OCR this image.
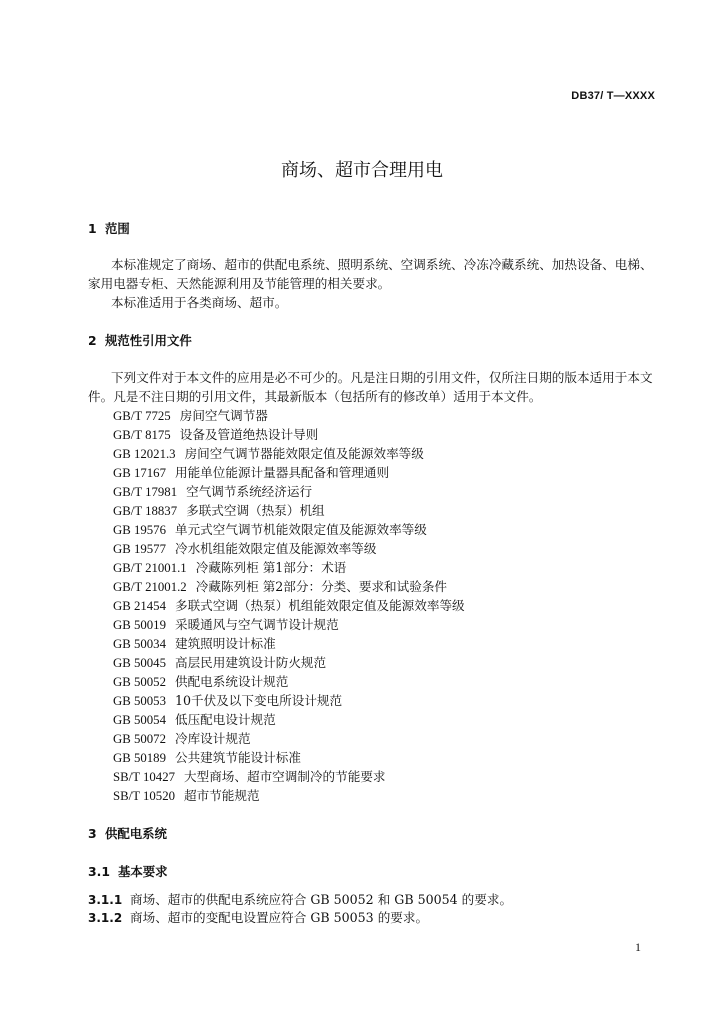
DB37/ T—XXXX
商场、超市合理用电
1 范围
本标准规定了商场、超市的供配电系统、照明系统、空调系统、冷冻冷藏系统、加热设备、电梯、
家用电器专柜、天然能源利用及节能管理的相关要求。
本标准适用于各类商场、超市。
2 规范性引用文件
下列文件对于本文件的应用是必不可少的。凡是注日期的引用文件，仅所注日期的版本适用于本文
件。凡是不注日期的引用文件，其最新版本（包括所有的修改单）适用于本文件。
GB/T 7725 房间空气调节器
GB/T 8175 设备及管道绝热设计导则
GB 12021.3 房间空气调节器能效限定值及能源效率等级
GB 17167 用能单位能源计量器具配备和管理通则
GB/T 17981 空气调节系统经济运行
GB/T 18837 多联式空调（热泵）机组
GB 19576 单元式空气调节机能效限定值及能源效率等级
GB 19577 冷水机组能效限定值及能源效率等级
GB/T 21001.1 冷藏陈列柜 第1部分：术语
GB/T 21001.2 冷藏陈列柜 第2部分：分类、要求和试验条件
GB 21454 多联式空调（热泵）机组能效限定值及能源效率等级
GB 50019 采暖通风与空气调节设计规范
GB 50034 建筑照明设计标准
GB 50045 高层民用建筑设计防火规范
GB 50052 供配电系统设计规范
GB 50053 10千伏及以下变电所设计规范
GB 50054 低压配电设计规范
GB 50072 冷库设计规范
GB 50189 公共建筑节能设计标准
SB/T 10427 大型商场、超市空调制冷的节能要求
SB/T 10520 超市节能规范
3 供配电系统
3.1 基本要求
3.1.1 商场、超市的供配电系统应符合 GB 50052 和 GB 50054 的要求。
3.1.2 商场、超市的变配电设置应符合 GB 50053 的要求。
1
